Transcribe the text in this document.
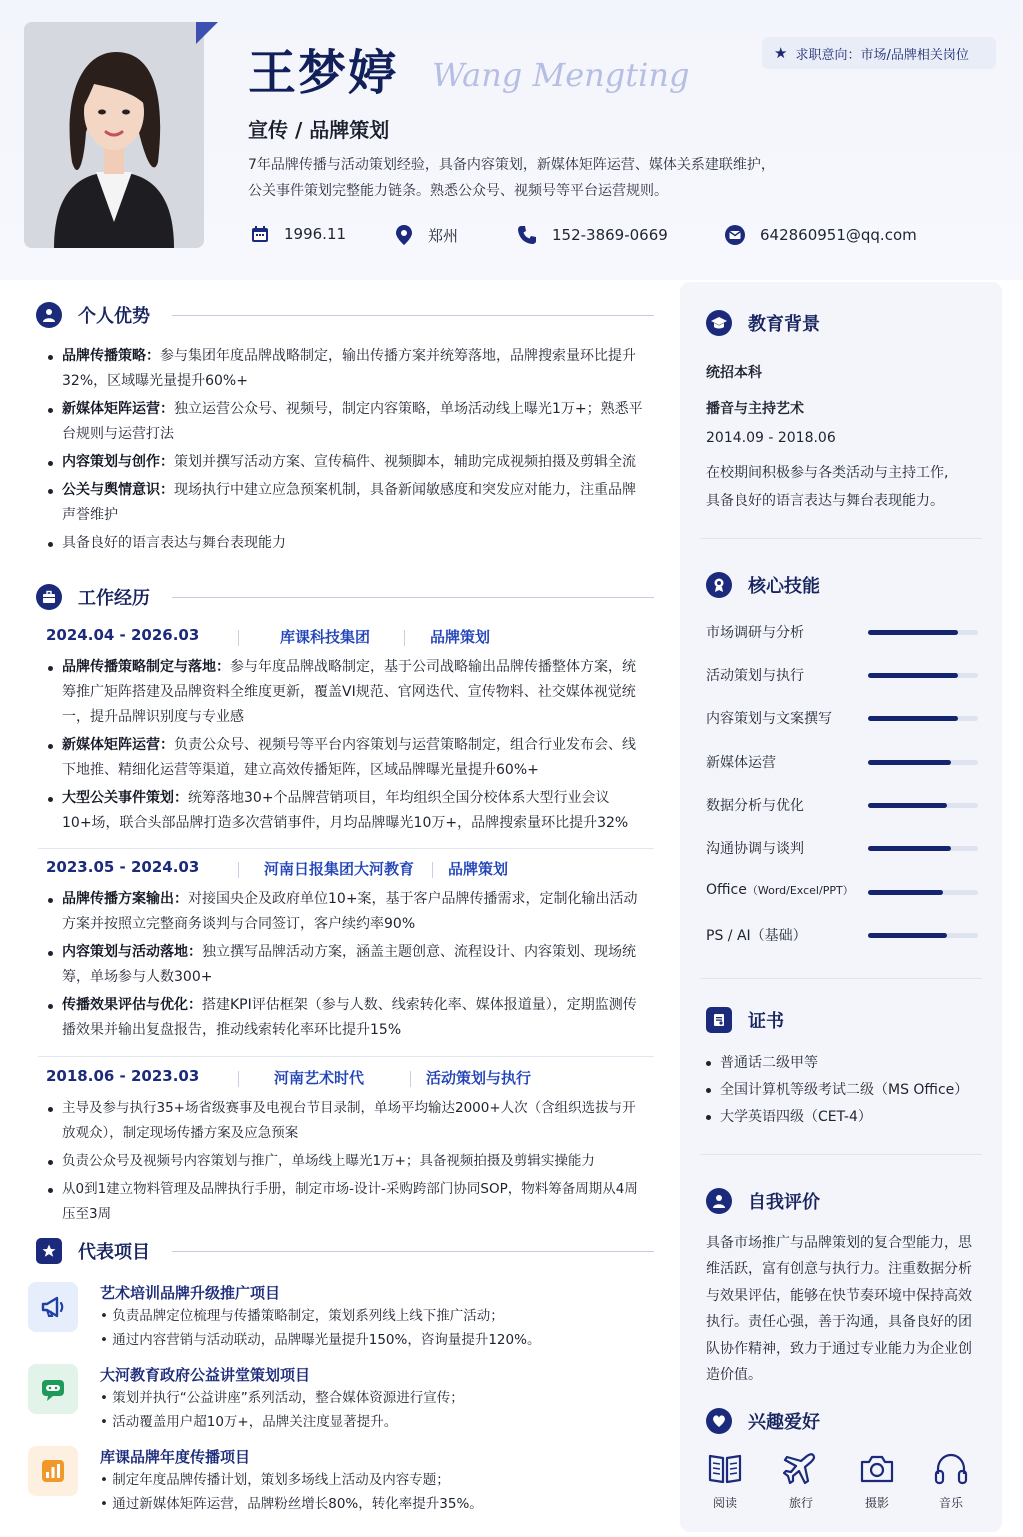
王梦婷 Wang Mengting
★ 求职意向：市场/品牌相关岗位
宣传 / 品牌策划
7年品牌传播与活动策划经验，具备内容策划，新媒体矩阵运营、媒体关系建联维护，
公关事件策划完整能力链条。熟悉公众号、视频号等平台运营规则。
1996.11	郑州	152-3869-0669	642860951@qq.com
个人优势
品牌传播策略：参与集团年度品牌战略制定，输出传播方案并统筹落地，品牌搜索量环比提升32%，区域曝光量提升60%+
新媒体矩阵运营：独立运营公众号、视频号，制定内容策略，单场活动线上曝光1万+；熟悉平台规则与运营打法
内容策划与创作：策划并撰写活动方案、宣传稿件、视频脚本，辅助完成视频拍摄及剪辑全流
公关与舆情意识：现场执行中建立应急预案机制，具备新闻敏感度和突发应对能力，注重品牌声誉维护
具备良好的语言表达与舞台表现能力
工作经历
2024.04 - 2026.03	库课科技集团	品牌策划
品牌传播策略制定与落地：参与年度品牌战略制定，基于公司战略输出品牌传播整体方案，统筹推广矩阵搭建及品牌资料全维度更新，覆盖VI规范、官网迭代、宣传物料、社交媒体视觉统一，提升品牌识别度与专业感
新媒体矩阵运营：负责公众号、视频号等平台内容策划与运营策略制定，组合行业发布会、线下地推、精细化运营等渠道，建立高效传播矩阵，区域品牌曝光量提升60%+
大型公关事件策划：统筹落地30+个品牌营销项目，年均组织全国分校体系大型行业会议10+场，联合头部品牌打造多次营销事件，月均品牌曝光10万+，品牌搜索量环比提升32%
2023.05 - 2024.03	河南日报集团大河教育 品牌策划
品牌传播方案输出：对接国央企及政府单位10+案，基于客户品牌传播需求，定制化输出活动方案并按照立完整商务谈判与合同签订，客户续约率90%
内容策划与活动落地：独立撰写品牌活动方案，涵盖主题创意、流程设计、内容策划、现场统筹，单场参与人数300+
传播效果评估与优化：搭建KPI评估框架（参与人数、线索转化率、媒体报道量），定期监测传播效果并输出复盘报告，推动线索转化率环比提升15%
2018.06 - 2023.03	河南艺术时代	活动策划与执行
主导及参与执行35+场省级赛事及电视台节目录制，单场平均输达2000+人次（含组织选拔与开放观众），制定现场传播方案及应急预案
负责公众号及视频号内容策划与推广，单场线上曝光1万+；具备视频拍摄及剪辑实操能力
从0到1建立物料管理及品牌执行手册，制定市场-设计-采购跨部门协同SOP，物料筹备周期从4周压至3周
代表项目
艺术培训品牌升级推广项目
• 负责品牌定位梳理与传播策略制定，策划系列线上线下推广活动；
• 通过内容营销与活动联动，品牌曝光量提升150%，咨询量提升120%。
大河教育政府公益讲堂策划项目
• 策划并执行“公益讲座”系列活动，整合媒体资源进行宣传；
• 活动覆盖用户超10万+，品牌关注度显著提升。
库课品牌年度传播项目
• 制定年度品牌传播计划，策划多场线上活动及内容专题；
• 通过新媒体矩阵运营，品牌粉丝增长80%，转化率提升35%。
教育背景
统招本科
播音与主持艺术
2014.09 - 2018.06
在校期间积极参与各类活动与主持工作,
具备良好的语言表达与舞台表现能力。
核心技能
市场调研与分析
活动策划与执行
内容策划与文案撰写
新媒体运营
数据分析与优化
沟通协调与谈判
Office（Word/Excel/PPT）
PS / AI（基础）
证书
普通话二级甲等
全国计算机等级考试二级（MS Office）
大学英语四级（CET-4）
自我评价
具备市场推广与品牌策划的复合型能力，思维活跃，富有创意与执行力。注重数据分析与效果评估，能够在快节奏环境中保持高效执行。责任心强，善于沟通，具备良好的团队协作精神，致力于通过专业能力为企业创造价值。
兴趣爱好
阅读	旅行	摄影	音乐
